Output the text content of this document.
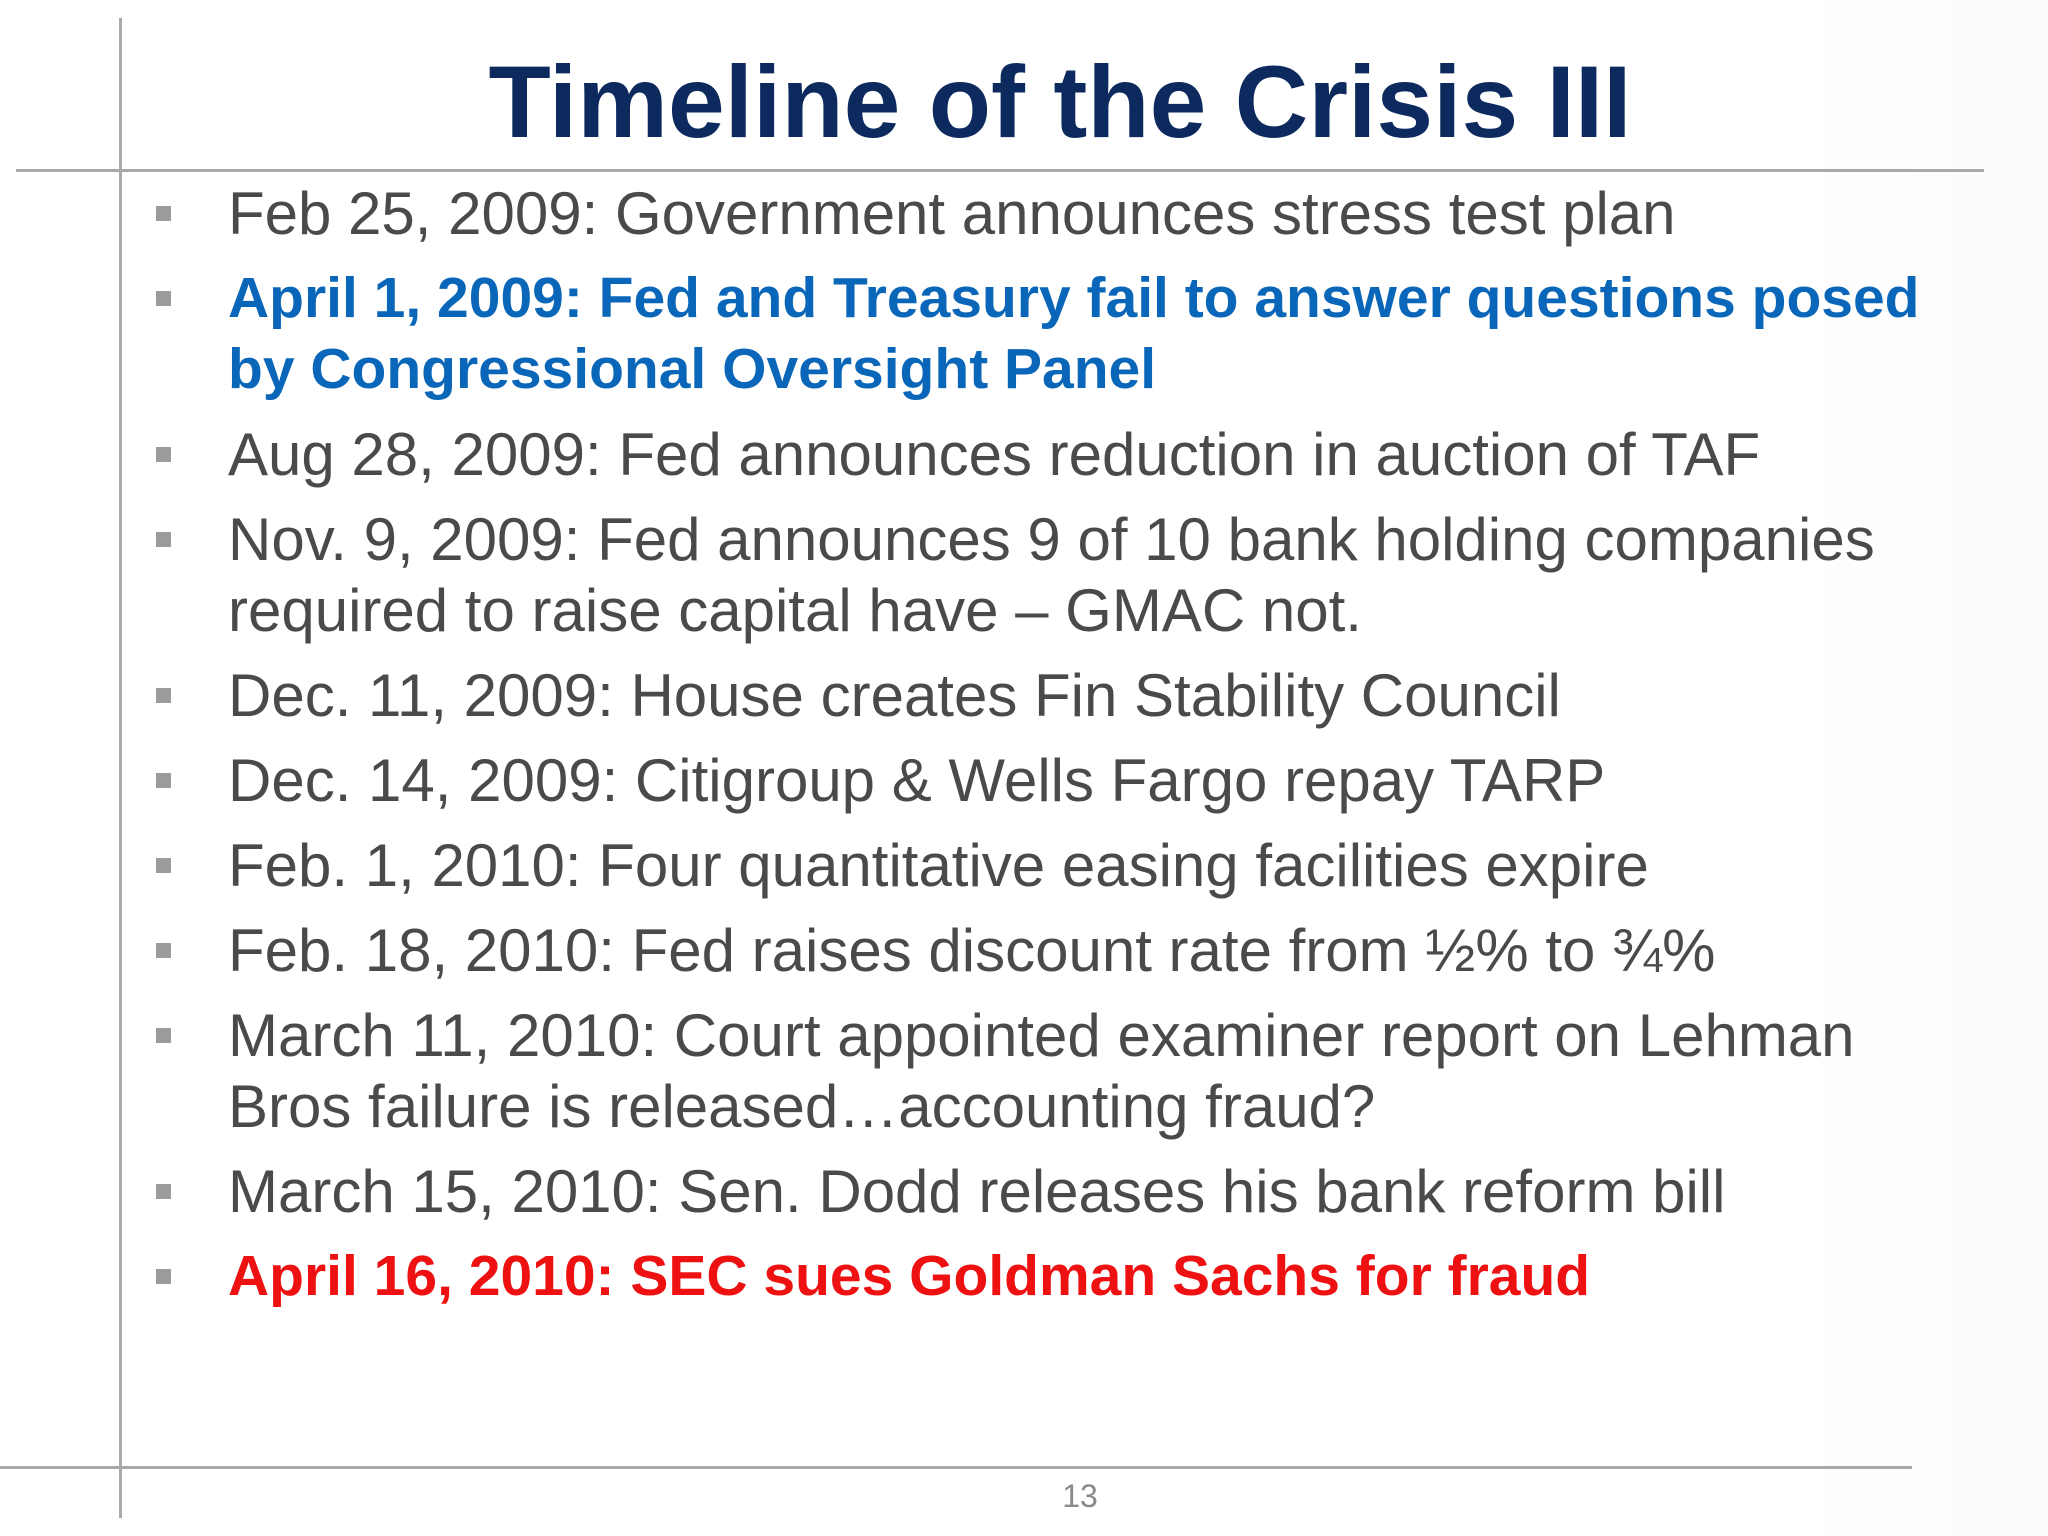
Timeline of the Crisis III
Feb 25, 2009: Government announces stress test plan
April 1, 2009: Fed and Treasury fail to answer questions posed by Congressional Oversight Panel
Aug 28, 2009: Fed announces reduction in auction of TAF
Nov. 9, 2009: Fed announces 9 of 10 bank holding companies required to raise capital have – GMAC not.
Dec. 11, 2009: House creates Fin Stability Council
Dec. 14, 2009: Citigroup & Wells Fargo repay TARP
Feb. 1, 2010: Four quantitative easing facilities expire
Feb. 18, 2010: Fed raises discount rate from ½% to ¾%
March 11, 2010: Court appointed examiner report on Lehman Bros failure is released…accounting fraud?
March 15, 2010: Sen. Dodd releases his bank reform bill
April 16, 2010: SEC sues Goldman Sachs for fraud
13
